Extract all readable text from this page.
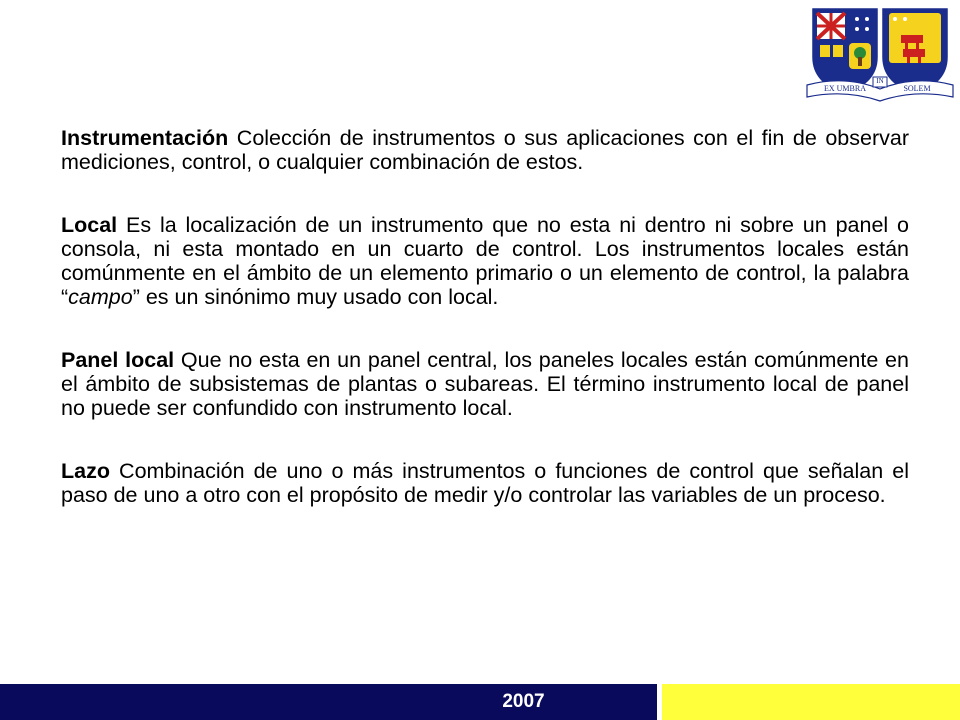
EX UMBRA
IN
SOLEM

Instrumentación Colección de instrumentos o sus aplicaciones con el fin de observar mediciones, control, o cualquier combinación de estos.

Local Es la localización de un instrumento que no esta ni dentro ni sobre un panel o consola, ni esta montado en un cuarto de control. Los instrumentos locales están comúnmente en el ámbito de un elemento primario o un elemento de control, la palabra “campo” es un sinónimo muy usado con local.

Panel local Que no esta en un panel central, los paneles locales están comúnmente en el ámbito de subsistemas de plantas o subareas. El término instrumento local de panel no puede ser confundido con instrumento local.

Lazo Combinación de uno o más instrumentos o funciones de control que señalan el paso de uno a otro con el propósito de medir y/o controlar las variables de un proceso.

2007
